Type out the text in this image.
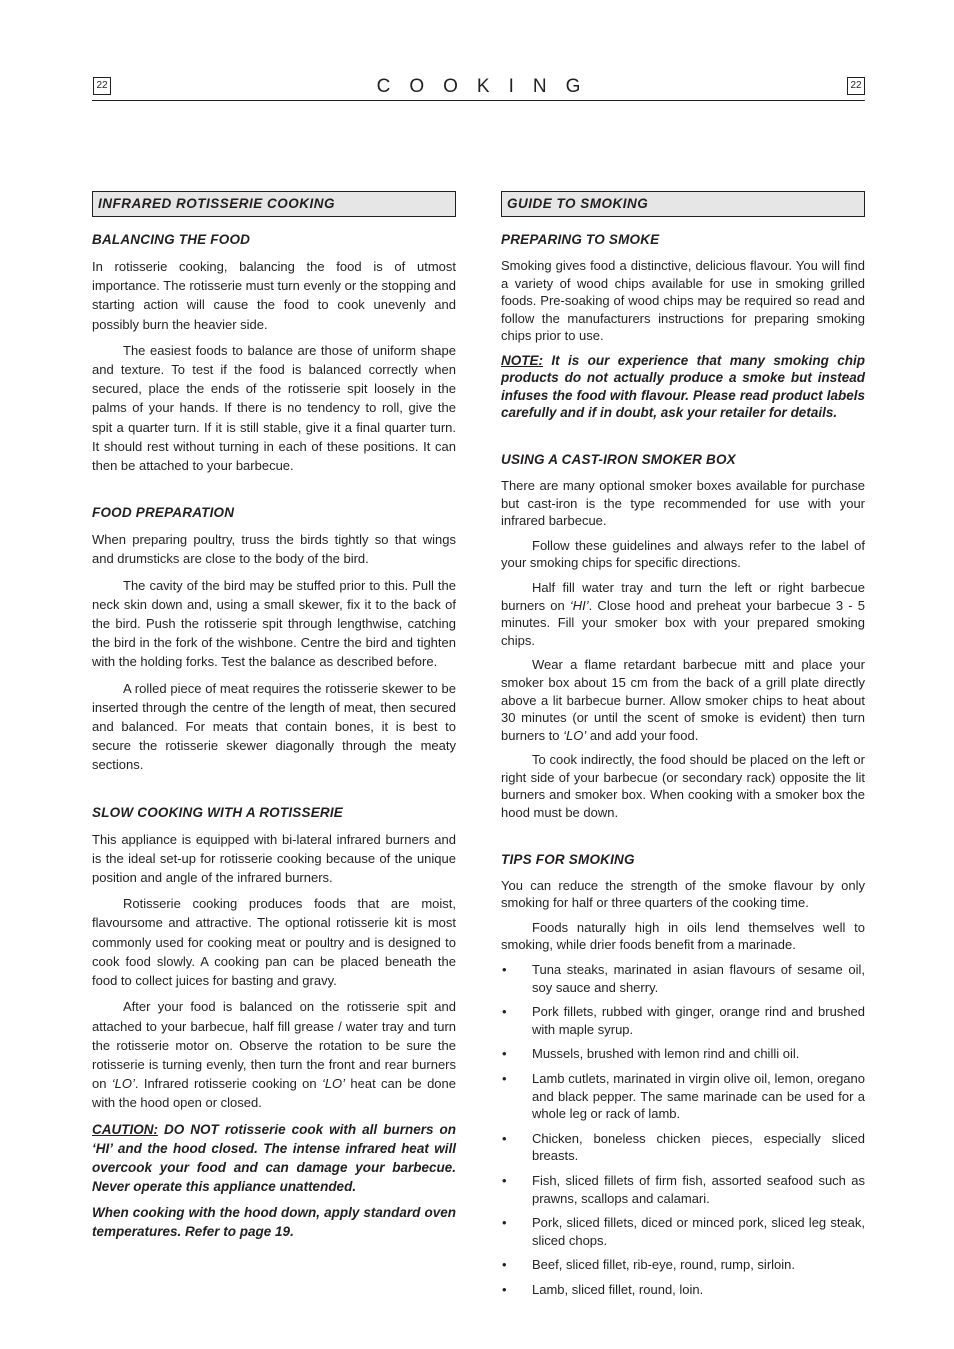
22	COOKING	22
INFRARED ROTISSERIE COOKING
BALANCING THE FOOD

In rotisserie cooking, balancing the food is of utmost importance. The rotisserie must turn evenly or the stopping and starting action will cause the food to cook unevenly and possibly burn the heavier side.

The easiest foods to balance are those of uniform shape and texture. To test if the food is balanced correctly when secured, place the ends of the rotisserie spit loosely in the palms of your hands. If there is no tendency to roll, give the spit a quarter turn. If it is still stable, give it a final quarter turn. It should rest without turning in each of these positions. It can then be attached to your barbecue.

FOOD PREPARATION

When preparing poultry, truss the birds tightly so that wings and drumsticks are close to the body of the bird.

The cavity of the bird may be stuffed prior to this. Pull the neck skin down and, using a small skewer, fix it to the back of the bird. Push the rotisserie spit through lengthwise, catching the bird in the fork of the wishbone. Centre the bird and tighten with the holding forks. Test the balance as described before.

A rolled piece of meat requires the rotisserie skewer to be inserted through the centre of the length of meat, then secured and balanced. For meats that contain bones, it is best to secure the rotisserie skewer diagonally through the meaty sections.

SLOW COOKING WITH A ROTISSERIE

This appliance is equipped with bi-lateral infrared burners and is the ideal set-up for rotisserie cooking because of the unique position and angle of the infrared burners.

Rotisserie cooking produces foods that are moist, flavoursome and attractive. The optional rotisserie kit is most commonly used for cooking meat or poultry and is designed to cook food slowly. A cooking pan can be placed beneath the food to collect juices for basting and gravy.

After your food is balanced on the rotisserie spit and attached to your barbecue, half fill grease / water tray and turn the rotisserie motor on. Observe the rotation to be sure the rotisserie is turning evenly, then turn the front and rear burners on ‘LO’. Infrared rotisserie cooking on ‘LO’ heat can be done with the hood open or closed.

CAUTION: DO NOT rotisserie cook with all burners on ‘HI’ and the hood closed. The intense infrared heat will overcook your food and can damage your barbecue. Never operate this appliance unattended.

When cooking with the hood down, apply standard oven temperatures. Refer to page 19.

GUIDE TO SMOKING
PREPARING TO SMOKE

Smoking gives food a distinctive, delicious flavour. You will find a variety of wood chips available for use in smoking grilled foods. Pre-soaking of wood chips may be required so read and follow the manufacturers instructions for preparing smoking chips prior to use.

NOTE: It is our experience that many smoking chip products do not actually produce a smoke but instead infuses the food with flavour. Please read product labels carefully and if in doubt, ask your retailer for details.

USING A CAST-IRON SMOKER BOX

There are many optional smoker boxes available for purchase but cast-iron is the type recommended for use with your infrared barbecue.

Follow these guidelines and always refer to the label of your smoking chips for specific directions.

Half fill water tray and turn the left or right barbecue burners on ‘HI’. Close hood and preheat your barbecue 3 - 5 minutes. Fill your smoker box with your prepared smoking chips.

Wear a flame retardant barbecue mitt and place your smoker box about 15 cm from the back of a grill plate directly above a lit barbecue burner. Allow smoker chips to heat about 30 minutes (or until the scent of smoke is evident) then turn burners to ‘LO’ and add your food.

To cook indirectly, the food should be placed on the left or right side of your barbecue (or secondary rack) opposite the lit burners and smoker box. When cooking with a smoker box the hood must be down.

TIPS FOR SMOKING

You can reduce the strength of the smoke flavour by only smoking for half or three quarters of the cooking time.

Foods naturally high in oils lend themselves well to smoking, while drier foods benefit from a marinade.

• Tuna steaks, marinated in asian flavours of sesame oil, soy sauce and sherry.
• Pork fillets, rubbed with ginger, orange rind and brushed with maple syrup.
• Mussels, brushed with lemon rind and chilli oil.
• Lamb cutlets, marinated in virgin olive oil, lemon, oregano and black pepper. The same marinade can be used for a whole leg or rack of lamb.
• Chicken, boneless chicken pieces, especially sliced breasts.
• Fish, sliced fillets of firm fish, assorted seafood such as prawns, scallops and calamari.
• Pork, sliced fillets, diced or minced pork, sliced leg steak, sliced chops.
• Beef, sliced fillet, rib-eye, round, rump, sirloin.
• Lamb, sliced fillet, round, loin.
